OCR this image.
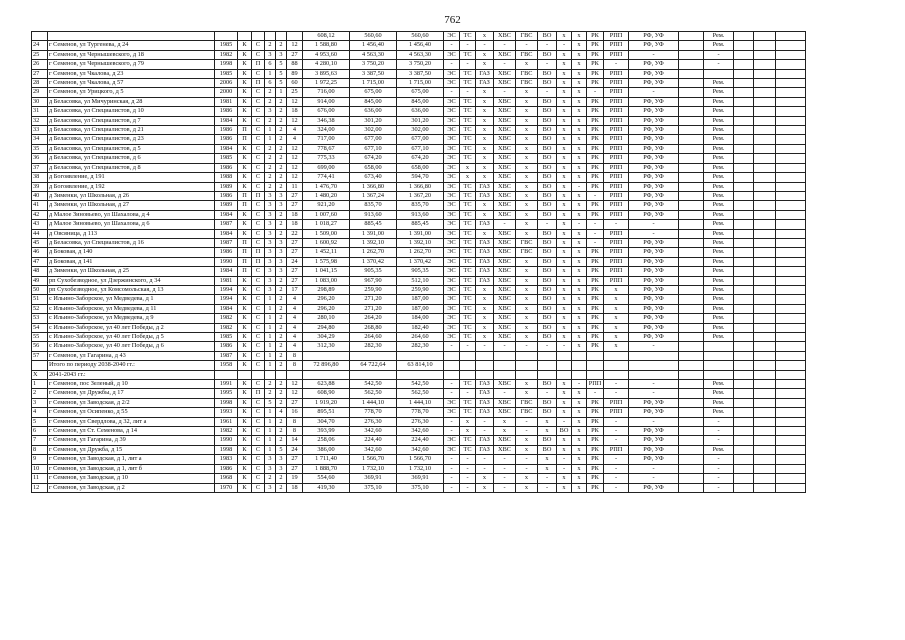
762
								608,12	560,60	560,60	ЭС	ТС	х	ХВС	ГВС	ВО	х	х	РК	РПП	РФ, УФ		Рем.			
24	г Семенов, ул Тургенева, д 24	1985	К	С	2	2	12	1 588,80	1 456,40	1 456,40	-	-	-	-	-	-	-	х	РК	РПП	РФ, УФ		Рем.			
25	г Семенов, ул Чернышевского, д 18	1982	К	С	3	3	27	4 953,60	4 563,30	4 563,30	ЭС	ТС	х	ХВС	ГВС	ВО	х	х	РК	РПП	-		-			
26	г Семенов, ул Чернышевского, д 79	1998	К	П	6	5	88	4 280,10	3 750,20	3 750,20	-	-	х	-	х	-	х	х	РК	-	РФ, УФ		-			
27	г Семенов, ул Чкалова, д 23	1985	К	С	1	5	89	3 895,63	3 387,50	3 387,50	ЭС	ТС	ГАЗ	ХВС	ГВС	ВО	х	х	РК	РПП	РФ, УФ					
28	г Семенов, ул Чкалова, д 57	2006	К	П	6	5	60	1 972,25	1 715,00	1 715,00	ЭС	ТС	ГАЗ	ХВС	ГВС	ВО	х	х	РК	РПП	РФ, УФ		Рем.			
29	г Семенов, ул Урицкого, д 5	2000	К	С	2	1	25	716,00	675,00	675,00	-	-	х	-	х	-	х	х	-	РПП	-		Рем.			
30	д Беласовка, ул Мичуринская, д 28	1981	К	С	2	2	12	914,00	845,00	845,00	ЭС	ТС	х	ХВС	х	ВО	х	х	РК	РПП	РФ, УФ		Рем.			
31	д Беласовка, ул Специалистов, д 10	1986	К	С	3	2	18	676,00	636,00	636,00	ЭС	ТС	х	ХВС	х	ВО	х	х	РК	РПП	РФ, УФ		Рем.			
32	д Беласовка, ул Специалистов, д 7	1984	К	С	2	2	12	346,38	301,20	301,20	ЭС	ТС	х	ХВС	х	ВО	х	х	РК	РПП	РФ, УФ		Рем.			
33	д Беласовка, ул Специалистов, д 21	1986	П	С	1	2	4	324,00	302,00	302,00	ЭС	ТС	х	ХВС	х	ВО	х	х	РК	РПП	РФ, УФ		Рем.			
34	д Беласовка, ул Специалистов, д 23	1986	П	С	1	2	4	717,00	677,00	677,00	ЭС	ТС	х	ХВС	х	ВО	х	х	РК	РПП	РФ, УФ		Рем.			
35	д Беласовка, ул Специалистов, д 5	1984	К	С	2	2	12	778,67	677,10	677,10	ЭС	ТС	х	ХВС	х	ВО	х	х	РК	РПП	РФ, УФ		Рем.			
36	д Беласовка, ул Специалистов, д 6	1985	К	С	2	2	12	775,33	674,20	674,20	ЭС	ТС	х	ХВС	х	ВО	х	х	РК	РПП	РФ, УФ		Рем.			
37	д Беласовка, ул Специалистов, д 8	1986	К	С	2	2	12	699,00	658,00	658,00	ЭС	х	х	ХВС	х	ВО	х	х	РК	РПП	РФ, УФ		Рем.			
38	д Богоявление, д 191	1988	К	С	2	2	12	774,41	673,40	594,70	ЭС	х	х	ХВС	х	ВО	х	х	РК	РПП	РФ, УФ		Рем.			
39	д Богоявление, д 192	1989	К	С	2	2	11	1 476,70	1 366,80	1 366,80	ЭС	ТС	ГАЗ	ХВС	х	ВО	х	-	РК	РПП	РФ, УФ		Рем.			
40	д Зименки, ул Школьная, д 26	1986	П	П	3	3	27	1 480,20	1 367,24	1 367,20	ЭС	ТС	ГАЗ	ХВС	х	ВО	х	х	-	РПП	РФ, УФ		Рем.			
41	д Зименки, ул Школьная, д 27	1989	П	С	3	3	27	921,20	835,70	835,70	ЭС	ТС	х	ХВС	х	ВО	х	х	РК	РПП	РФ, УФ		Рем.			
42	д Малое Зиновьево, ул Шахалова, д 4	1984	К	С	3	2	18	1 007,60	913,60	913,60	ЭС	ТС	х	ХВС	х	ВО	х	х	РК	РПП	РФ, УФ		Рем.			
43	д Малое Зиновьево, ул Шахалова, д 6	1987	К	С	3	2	18	1 018,27	885,45	885,45	ЭС	ТС	ГАЗ	-	х	-	х	-	-	-	-		Рем.			
44	д Овсяница, д 113	1984	К	С	3	2	22	1 509,00	1 391,00	1 391,00	ЭС	ТС	х	ХВС	х	ВО	х	х	-	РПП	-		Рем.			
45	д Беласовка, ул Специалистов, д 16	1987	П	С	3	3	27	1 600,92	1 392,10	1 392,10	ЭС	ТС	ГАЗ	ХВС	ГВС	ВО	х	х	-	РПП	РФ, УФ		Рем.			
46	д Боковая, д 140	1986	П	П	3	3	27	1 452,11	1 262,70	1 262,70	ЭС	ТС	ГАЗ	ХВС	ГВС	ВО	х	х	РК	РПП	РФ, УФ		Рем.			
47	д Боковая, д 141	1990	П	П	3	3	24	1 575,98	1 370,42	1 370,42	ЭС	ТС	ГАЗ	ХВС	х	ВО	х	х	РК	РПП	РФ, УФ		Рем.			
48	д Зименки, ул Школьная, д 25	1984	П	С	3	3	27	1 041,15	905,35	905,35	ЭС	ТС	ГАЗ	ХВС	х	ВО	х	х	РК	РПП	РФ, УФ		Рем.			
49	рп Сухобезводное, ул Дзержинского, д 34	1981	К	С	3	2	27	1 083,00	967,90	512,10	ЭС	ТС	ГАЗ	ХВС	х	ВО	х	х	РК	РПП	РФ, УФ		Рем.			
50	рп Сухобезводное, ул Комсомольская, д 13	1994	К	С	3	2	17	298,89	259,90	259,90	ЭС	ТС	х	ХВС	х	ВО	х	х	РК	х	РФ, УФ		Рем.			
51	с Ильино-Заборское, ул Медведева, д 1	1994	К	С	1	2	4	296,20	271,20	187,00	ЭС	ТС	х	ХВС	х	ВО	х	х	РК	х	РФ, УФ		Рем.			
52	с Ильино-Заборское, ул Медведева, д 11	1984	К	С	1	2	4	296,20	271,20	187,00	ЭС	ТС	х	ХВС	х	ВО	х	х	РК	х	РФ, УФ		Рем.			
53	с Ильино-Заборское, ул Медведева, д 9	1982	К	С	1	2	4	280,10	264,20	184,00	ЭС	ТС	х	ХВС	х	ВО	х	х	РК	х	РФ, УФ		Рем.			
54	с Ильино-Заборское, ул 40 лет Победы, д 2	1982	К	С	1	2	4	294,80	268,80	182,40	ЭС	ТС	х	ХВС	х	ВО	х	х	РК	х	РФ, УФ		Рем.			
55	с Ильино-Заборское, ул 40 лет Победы, д 5	1985	К	С	1	2	4	304,29	264,60	264,60	ЭС	ТС	х	ХВС	х	ВО	х	х	РК	х	РФ, УФ		Рем.			
56	с Ильино-Заборское, ул 40 лет Победы, д 6	1986	К	С	1	2	4	312,30	282,30	282,30	-	-	-	-	-	-	-	х	РК	х	-					
57	г Семенов, ул Гагарина, д 43	1987	К	С	1	2	8																			
	Итого по периоду 2038-2040 гг.:	1958	К	С	1	2	8	72 896,80	64 722,64	63 814,10																
X	2041-2043 гг.:																									
1	г Семенов, пос Зеленый, д 10	1991	К	С	2	2	12	623,88	542,50	542,50	-	ТС	ГАЗ	ХВС	х	ВО	х	-	РПП	-	-		Рем.			
2	г Семенов, ул Дружбы, д 17	1995	К	П	2	2	12	608,90	562,50	562,50	-	-	ГАЗ	-	х	-	х	х	-	-	-		Рем.			
3	г Семенов, ул Заводская, д 2/2	1998	К	С	5	2	27	1 919,20	1 444,10	1 444,10	ЭС	ТС	ГАЗ	ХВС	ГВС	ВО	х	х	РК	РПП	РФ, УФ		Рем.			
4	г Семенов, ул Осипенко, д 55	1993	К	С	1	4	16	895,51	778,70	778,70	ЭС	ТС	ГАЗ	ХВС	ГВС	ВО	х	х	РК	РПП	РФ, УФ		Рем.			
5	г Семенов, ул Свердлова, д 32, лит а	1961	К	С	1	2	8	304,70	276,30	276,30	-	х	-	х	-	х	-	х	РК	-	-		-			
6	г Семенов, ул Ст. Семенова, д 14	1982	К	С	1	2	8	393,99	342,60	342,60	-	х	-	х	-	х	ВО	х	РК	-	РФ, УФ		-			
7	г Семенов, ул Гагарина, д 39	1990	К	С	1	2	14	258,06	224,40	224,40	ЭС	ТС	ГАЗ	ХВС	х	ВО	х	х	РК	-	РФ, УФ		-			
8	г Семенов, ул Дружба, д 15	1998	К	С	1	5	24	386,00	342,60	342,60	ЭС	ТС	ГАЗ	ХВС	х	ВО	х	х	РК	РПП	РФ, УФ		Рем.			
9	г Семенов, ул Заводская, д 1, лит а	1983	К	С	3	3	27	1 711,40	1 566,70	1 566,70	-	-	-	-	-	х	-	х	РК	-	РФ, УФ		-			
10	г Семенов, ул Заводская, д 1, лит б	1986	К	С	3	3	27	1 888,70	1 732,10	1 732,10	-	-	-	-	-	х	-	х	РК	-	-		-			
11	г Семенов, ул Заводская, д 10	1968	К	С	2	2	19	554,60	369,91	369,91	-	-	х	-	х	-	х	х	РК	-	-		-			
12	г Семенов, ул Заводская, д 2	1970	К	С	3	2	18	419,30	375,10	375,10	-	-	х	-	х	-	х	х	РК	-	РФ, УФ		-			
